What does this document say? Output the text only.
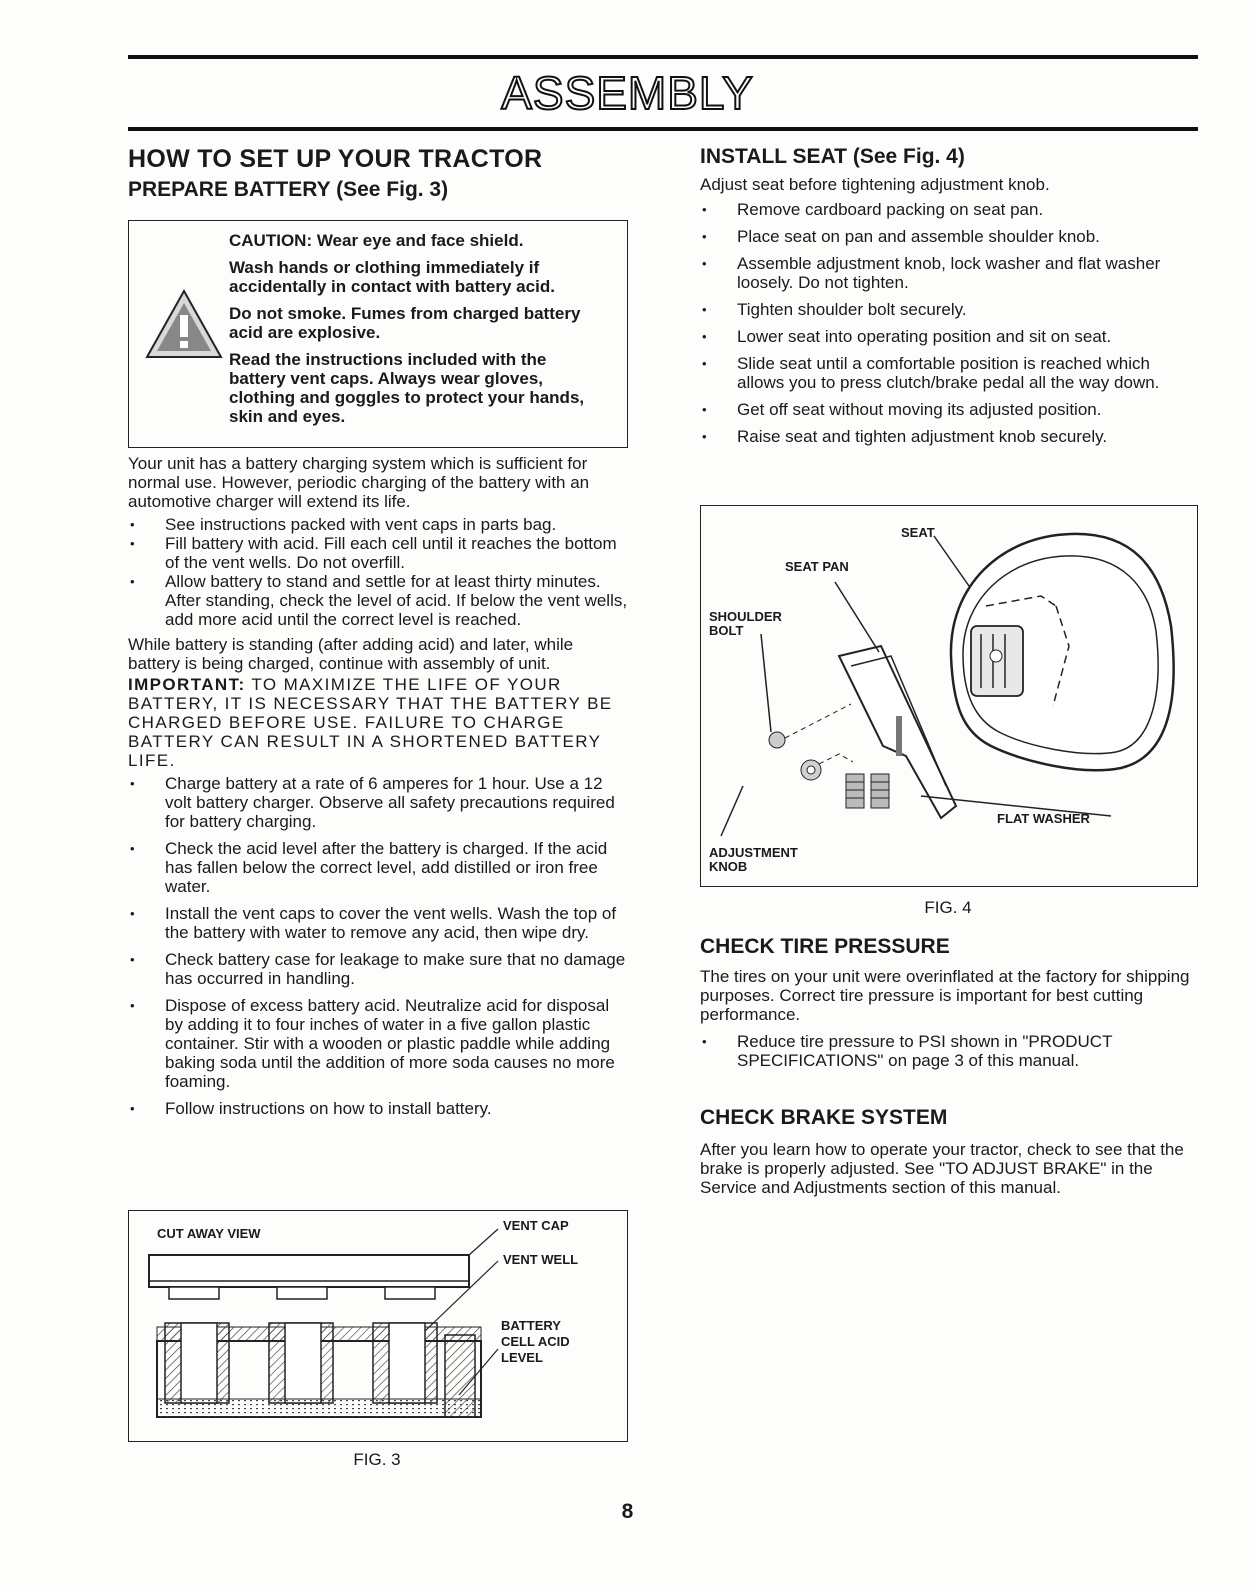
ASSEMBLY
HOW TO SET UP YOUR TRACTOR
PREPARE BATTERY (See Fig. 3)
CAUTION: Wear eye and face shield.
Wash hands or clothing immediately if accidentally in contact with battery acid.
Do not smoke. Fumes from charged battery acid are explosive.
Read the instructions included with the battery vent caps. Always wear gloves, clothing and goggles to protect your hands, skin and eyes.

Your unit has a battery charging system which is sufficient for normal use. However, periodic charging of the battery with an automotive charger will extend its life.

• See instructions packed with vent caps in parts bag.
• Fill battery with acid. Fill each cell until it reaches the bottom of the vent wells. Do not overfill.
• Allow battery to stand and settle for at least thirty minutes. After standing, check the level of acid. If below the vent wells, add more acid until the correct level is reached.

While battery is standing (after adding acid) and later, while battery is being charged, continue with assembly of unit.

IMPORTANT: TO MAXIMIZE THE LIFE OF YOUR BATTERY, IT IS NECESSARY THAT THE BATTERY BE CHARGED BEFORE USE. FAILURE TO CHARGE BATTERY CAN RESULT IN A SHORTENED BATTERY LIFE.

• Charge battery at a rate of 6 amperes for 1 hour. Use a 12 volt battery charger. Observe all safety precautions required for battery charging.
• Check the acid level after the battery is charged. If the acid has fallen below the correct level, add distilled or iron free water.
• Install the vent caps to cover the vent wells. Wash the top of the battery with water to remove any acid, then wipe dry.
• Check battery case for leakage to make sure that no damage has occurred in handling.
• Dispose of excess battery acid. Neutralize acid for disposal by adding it to four inches of water in a five gallon plastic container. Stir with a wooden or plastic paddle while adding baking soda until the addition of more soda causes no more foaming.
• Follow instructions on how to install battery.
CUT AWAY VIEW
VENT CAP
VENT WELL
BATTERY
CELL ACID
LEVEL
FIG. 3
INSTALL SEAT (See Fig. 4)

Adjust seat before tightening adjustment knob.

• Remove cardboard packing on seat pan.
• Place seat on pan and assemble shoulder knob.
• Assemble adjustment knob, lock washer and flat washer loosely. Do not tighten.
• Tighten shoulder bolt securely.
• Lower seat into operating position and sit on seat.
• Slide seat until a comfortable position is reached which allows you to press clutch/brake pedal all the way down.
• Get off seat without moving its adjusted position.
• Raise seat and tighten adjustment knob securely.
SEAT
SEAT PAN
SHOULDER
BOLT
FLAT WASHER
ADJUSTMENT
KNOB
FIG. 4
CHECK TIRE PRESSURE

The tires on your unit were overinflated at the factory for shipping purposes. Correct tire pressure is important for best cutting performance.

• Reduce tire pressure to PSI shown in "PRODUCT SPECIFICATIONS" on page 3 of this manual.
CHECK BRAKE SYSTEM

After you learn how to operate your tractor, check to see that the brake is properly adjusted. See "TO ADJUST BRAKE" in the Service and Adjustments section of this manual.

8
